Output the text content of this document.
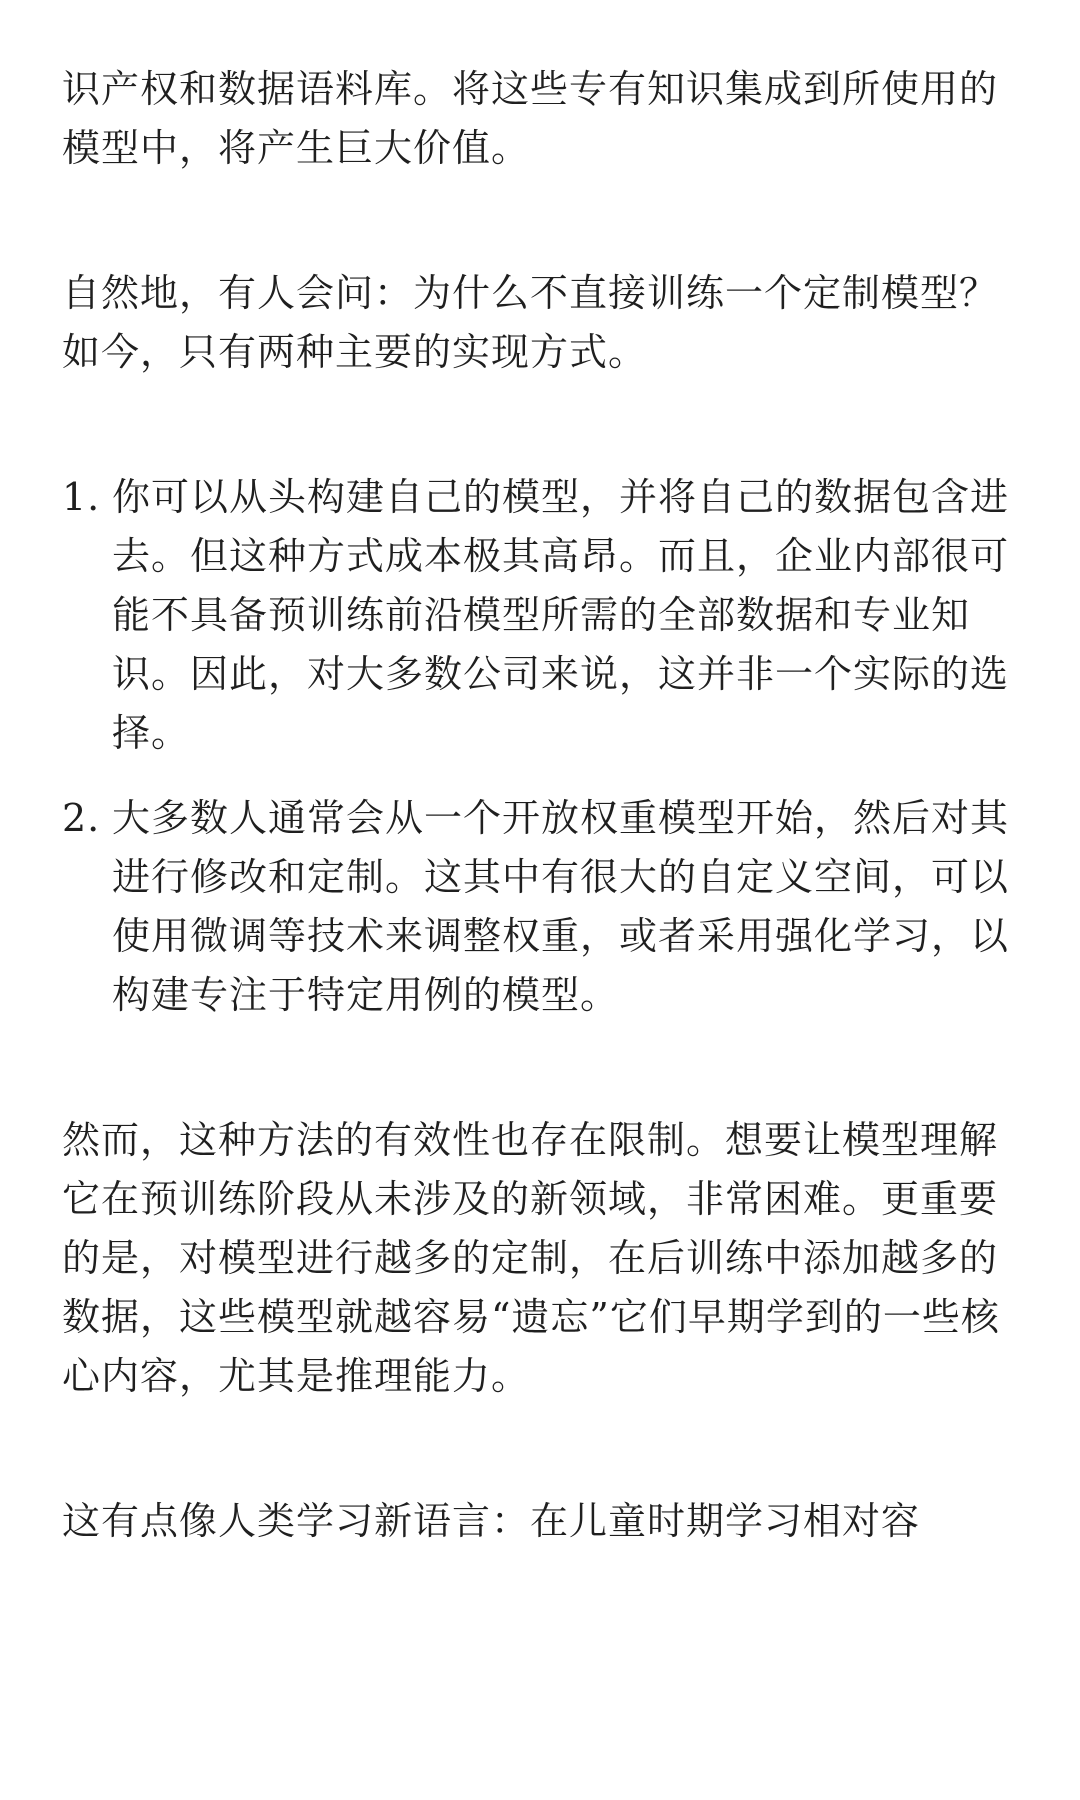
识产权和数据语料库。将这些专有知识集成到所使用的模型中，将产生巨大价值。

自然地，有人会问：为什么不直接训练一个定制模型？如今，只有两种主要的实现方式。

1. 你可以从头构建自己的模型，并将自己的数据包含进去。但这种方式成本极其高昂。而且，企业内部很可能不具备预训练前沿模型所需的全部数据和专业知识。因此，对大多数公司来说，这并非一个实际的选择。
2. 大多数人通常会从一个开放权重模型开始，然后对其进行修改和定制。这其中有很大的自定义空间，可以使用微调等技术来调整权重，或者采用强化学习，以构建专注于特定用例的模型。

然而，这种方法的有效性也存在限制。想要让模型理解它在预训练阶段从未涉及的新领域，非常困难。更重要的是，对模型进行越多的定制，在后训练中添加越多的数据，这些模型就越容易“遗忘”它们早期学到的一些核心内容，尤其是推理能力。

这有点像人类学习新语言：在儿童时期学习相对容
